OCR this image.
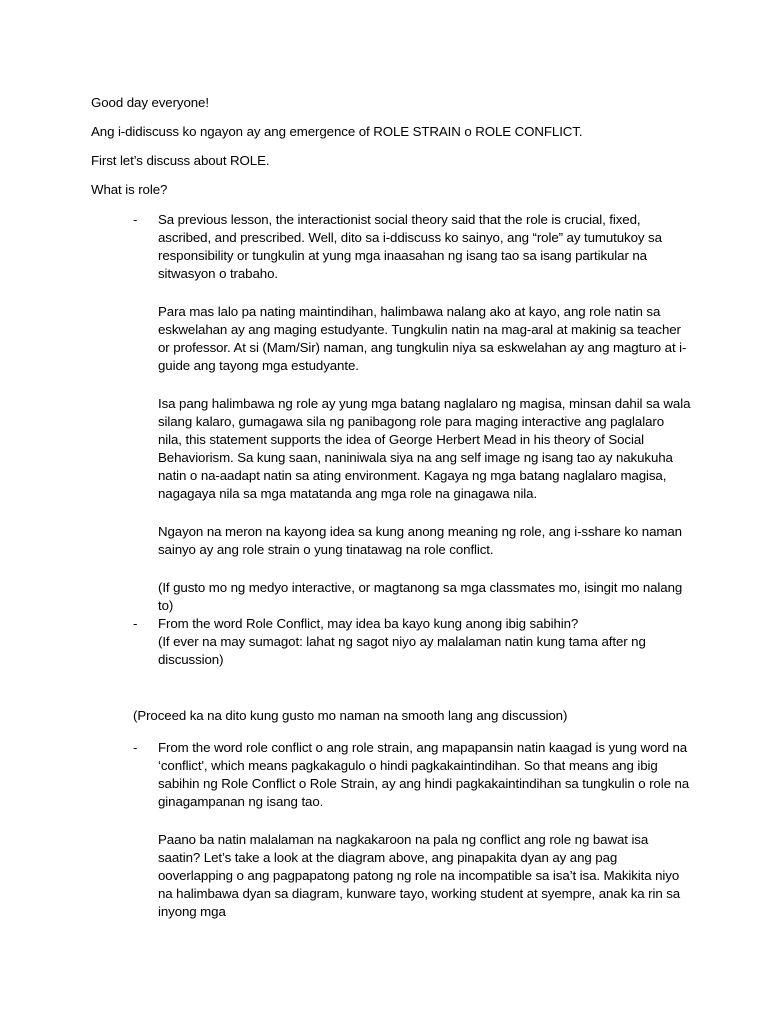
Good day everyone!

Ang i-didiscuss ko ngayon ay ang emergence of ROLE STRAIN o ROLE CONFLICT.

First let’s discuss about ROLE.

What is role?

- Sa previous lesson, the interactionist social theory said that the role is crucial, fixed, ascribed, and prescribed. Well, dito sa i-ddiscuss ko sainyo, ang “role” ay tumutukoy sa responsibility or tungkulin at yung mga inaasahan ng isang tao sa isang partikular na sitwasyon o trabaho.

Para mas lalo pa nating maintindihan, halimbawa nalang ako at kayo, ang role natin sa eskwelahan ay ang maging estudyante. Tungkulin natin na mag-aral at makinig sa teacher or professor. At si (Mam/Sir) naman, ang tungkulin niya sa eskwelahan ay ang magturo at i-guide ang tayong mga estudyante.

Isa pang halimbawa ng role ay yung mga batang naglalaro ng magisa, minsan dahil sa wala silang kalaro, gumagawa sila ng panibagong role para maging interactive ang paglalaro nila, this statement supports the idea of George Herbert Mead in his theory of Social Behaviorism. Sa kung saan, naniniwala siya na ang self image ng isang tao ay nakukuha natin o na-aadapt natin sa ating environment. Kagaya ng mga batang naglalaro magisa, nagagaya nila sa mga matatanda ang mga role na ginagawa nila.

Ngayon na meron na kayong idea sa kung anong meaning ng role, ang i-sshare ko naman sainyo ay ang role strain o yung tinatawag na role conflict.

(If gusto mo ng medyo interactive, or magtanong sa mga classmates mo, isingit mo nalang to)

- From the word Role Conflict, may idea ba kayo kung anong ibig sabihin?

(If ever na may sumagot: lahat ng sagot niyo ay malalaman natin kung tama after ng discussion)

(Proceed ka na dito kung gusto mo naman na smooth lang ang discussion)

- From the word role conflict o ang role strain, ang mapapansin natin kaagad is yung word na ‘conflict', which means pagkakagulo o hindi pagkakaintindihan. So that means ang ibig sabihin ng Role Conflict o Role Strain, ay ang hindi pagkakaintindihan sa tungkulin o role na ginagampanan ng isang tao.

Paano ba natin malalaman na nagkakaroon na pala ng conflict ang role ng bawat isa saatin? Let’s take a look at the diagram above, ang pinapakita dyan ay ang pag ooverlapping o ang pagpapatong patong ng role na incompatible sa isa’t isa. Makikita niyo na halimbawa dyan sa diagram, kunware tayo, working student at syempre, anak ka rin sa inyong mga
